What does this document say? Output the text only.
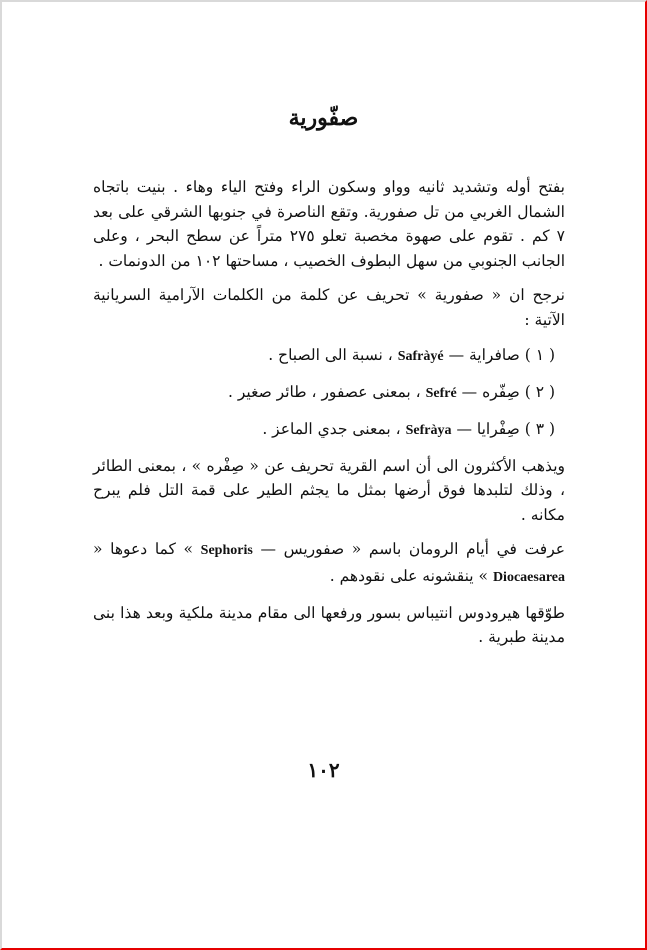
صفّورية

بفتح أوله وتشديد ثانيه وواو وسكون الراء وفتح الياء وهاء . بنيت باتجاه الشمال الغربي من تل صفورية. وتقع الناصرة في جنوبها الشرقي على بعد ٧ كم . تقوم على صهوة مخصبة تعلو ٢٧٥ متراً عن سطح البحر ، وعلى الجانب الجنوبي من سهل البطوف الخصيب ، مساحتها ١٠٢ من الدونمات .

نرجح ان « صفورية » تحريف عن كلمة من الكلمات الآرامية السريانية الآتية :

( ١ ) صافراية — Safràyé ، نسبة الى الصباح .
( ٢ ) صِفّره — Sefré ، بمعنى عصفور ، طائر صغير .
( ٣ ) صِفْرايا — Sefràya ، بمعنى جدي الماعز .

ويذهب الأكثرون الى أن اسم القرية تحريف عن « صِفْره » ، بمعنى الطائر ، وذلك لتلبدها فوق أرضها بمثل ما يجثم الطير على قمة التل فلم يبرح مكانه .

عرفت في أيام الرومان باسم « صفوريس — Sephoris » كما دعوها « Diocaesarea » ينقشونه على نقودهم .

طوّقها هيرودوس انتيباس بسور ورفعها الى مقام مدينة ملكية وبعد هذا بنى مدينة طبرية .

١٠٢
